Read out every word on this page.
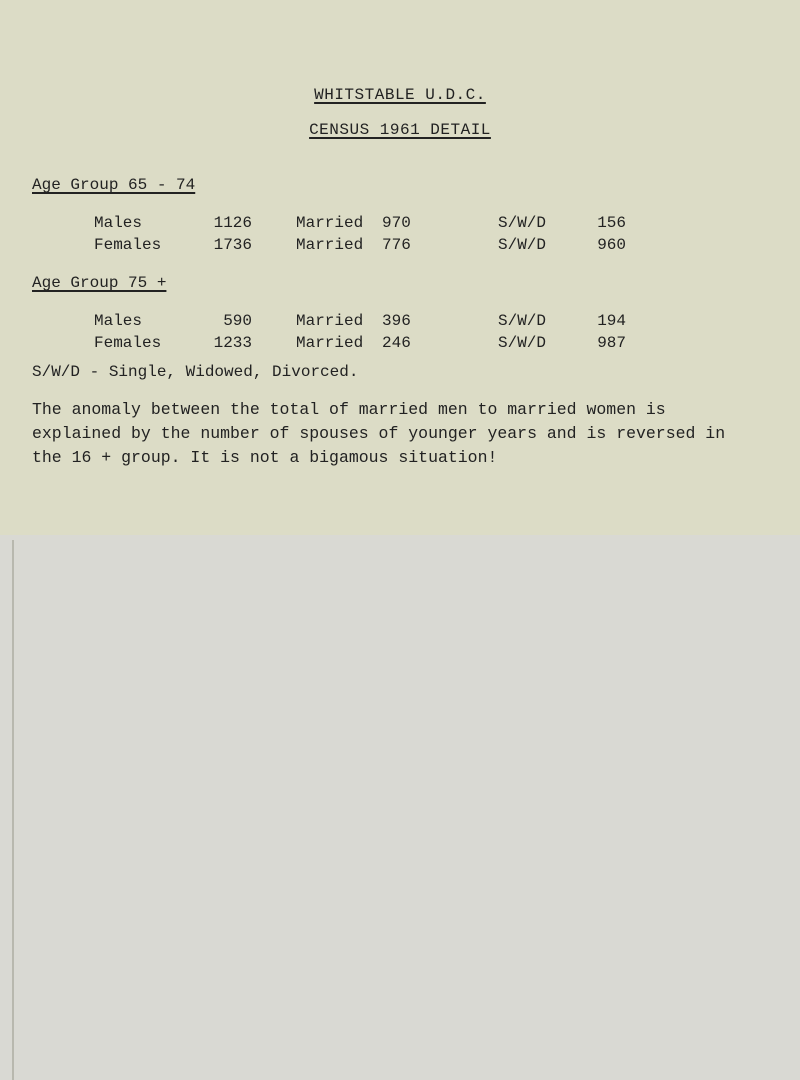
WHITSTABLE U.D.C.
CENSUS 1961 DETAIL
Age Group 65 - 74
Males	1126	Married 970	S/W/D	156
Females	1736	Married 776	S/W/D	960
Age Group 75 +
Males	590	Married 396	S/W/D	194
Females	1233	Married 246	S/W/D	987
S/W/D - Single, Widowed, Divorced.
The anomaly between the total of married men to married women is
explained by the number of spouses of younger years and is reversed in
the 16 + group. It is not a bigamous situation!
